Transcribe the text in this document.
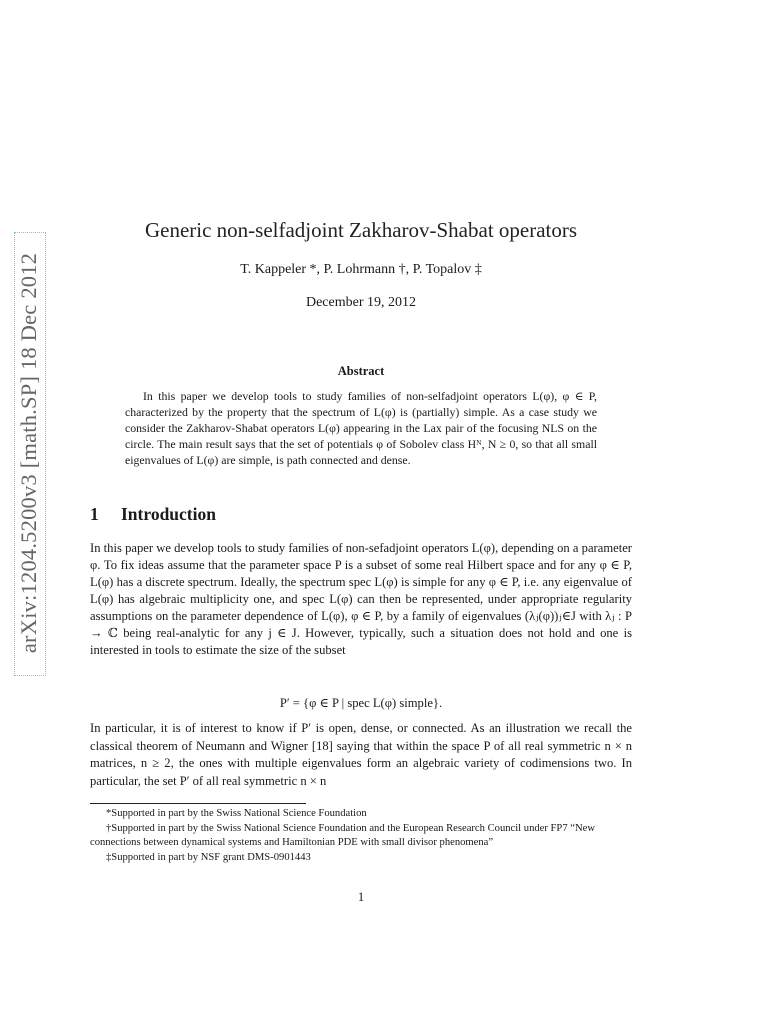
arXiv:1204.5200v3 [math.SP] 18 Dec 2012
Generic non-selfadjoint Zakharov-Shabat operators
T. Kappeler *, P. Lohrmann †, P. Topalov ‡
December 19, 2012
Abstract
In this paper we develop tools to study families of non-selfadjoint operators L(φ), φ ∈ P, characterized by the property that the spectrum of L(φ) is (partially) simple. As a case study we consider the Zakharov-Shabat operators L(φ) appearing in the Lax pair of the focusing NLS on the circle. The main result says that the set of potentials φ of Sobolev class Hᴺ, N ≥ 0, so that all small eigenvalues of L(φ) are simple, is path connected and dense.
1 Introduction
In this paper we develop tools to study families of non-sefadjoint operators L(φ), depending on a parameter φ. To fix ideas assume that the parameter space P is a subset of some real Hilbert space and for any φ ∈ P, L(φ) has a discrete spectrum. Ideally, the spectrum spec L(φ) is simple for any φ ∈ P, i.e. any eigenvalue of L(φ) has algebraic multiplicity one, and spec L(φ) can then be represented, under appropriate regularity assumptions on the parameter dependence of L(φ), φ ∈ P, by a family of eigenvalues (λⱼ(φ))ⱼ∈J with λⱼ : P → ℂ being real-analytic for any j ∈ J. However, typically, such a situation does not hold and one is interested in tools to estimate the size of the subset
P′ = {φ ∈ P | spec L(φ) simple}.
In particular, it is of interest to know if P′ is open, dense, or connected. As an illustration we recall the classical theorem of Neumann and Wigner [18] saying that within the space P of all real symmetric n × n matrices, n ≥ 2, the ones with multiple eigenvalues form an algebraic variety of codimensions two. In particular, the set P′ of all real symmetric n × n
*Supported in part by the Swiss National Science Foundation
†Supported in part by the Swiss National Science Foundation and the European Research Council under FP7 “New connections between dynamical systems and Hamiltonian PDE with small divisor phenomena”
‡Supported in part by NSF grant DMS-0901443
1
